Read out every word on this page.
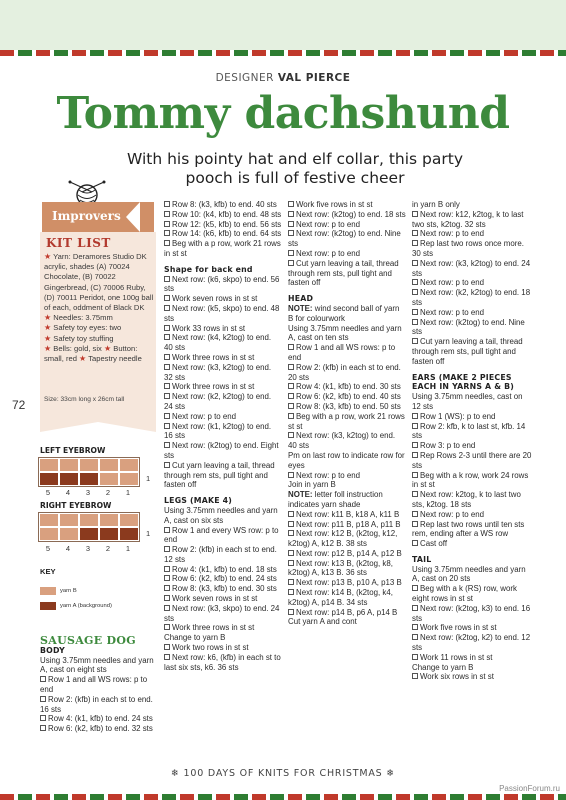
DESIGNER VAL PIERCE
Tommy dachshund
With his pointy hat and elf collar, this party pooch is full of festive cheer
Improvers
KIT LIST
★ Yarn: Deramores Studio DK acrylic, shades (A) 70024 Chocolate, (B) 70022 Gingerbread, (C) 70006 Ruby, (D) 70011 Peridot, one 100g ball of each, oddment of Black DK
★ Needles: 3.75mm
★ Safety toy eyes: two
★ Safety toy stuffing
★ Bells: gold, six ★ Button: small, red ★ Tapestry needle
Size: 33cm long x 26cm tall
72
LEFT EYEBROW
1
5	4	3	2	1
RIGHT EYEBROW
1
5	4	3	2	1
KEY
yarn B
yarn A (background)
SAUSAGE DOG
BODY
Using 3.75mm needles and yarn A, cast on eight sts
Row 1 and all WS rows: p to end
Row 2: (kfb) in each st to end. 16 sts
Row 4: (k1, kfb) to end. 24 sts
Row 6: (k2, kfb) to end. 32 sts
Row 8: (k3, kfb) to end. 40 sts
Row 10: (k4, kfb) to end. 48 sts
Row 12: (k5, kfb) to end. 56 sts
Row 14: (k6, kfb) to end. 64 sts
Beg with a p row, work 21 rows in st st
Shape for back end
Next row: (k6, skpo) to end. 56 sts
Work seven rows in st st
Next row: (k5, skpo) to end. 48 sts
Work 33 rows in st st
Next row: (k4, k2tog) to end. 40 sts
Work three rows in st st
Next row: (k3, k2tog) to end. 32 sts
Work three rows in st st
Next row: (k2, k2tog) to end. 24 sts
Next row: p to end
Next row: (k1, k2tog) to end. 16 sts
Next row: (k2tog) to end. Eight sts
Cut yarn leaving a tail, thread through rem sts, pull tight and fasten off
LEGS (MAKE 4)
Using 3.75mm needles and yarn A, cast on six sts
Row 1 and every WS row: p to end
Row 2: (kfb) in each st to end. 12 sts
Row 4: (k1, kfb) to end. 18 sts
Row 6: (k2, kfb) to end. 24 sts
Row 8: (k3, kfb) to end. 30 sts
Work seven rows in st st
Next row: (k3, skpo) to end. 24 sts
Work three rows in st st
Change to yarn B
Work two rows in st st
Next row: k6, (kfb) in each st to last six sts, k6. 36 sts
Work five rows in st st
Next row: (k2tog) to end. 18 sts
Next row: p to end
Next row: (k2tog) to end. Nine sts
Next row: p to end
Cut yarn leaving a tail, thread through rem sts, pull tight and fasten off
HEAD
NOTE: wind second ball of yarn B for colourwork
Using 3.75mm needles and yarn A, cast on ten sts
Row 1 and all WS rows: p to end
Row 2: (kfb) in each st to end. 20 sts
Row 4: (k1, kfb) to end. 30 sts
Row 6: (k2, kfb) to end. 40 sts
Row 8: (k3, kfb) to end. 50 sts
Beg with a p row, work 21 rows st st
Next row: (k3, k2tog) to end. 40 sts
Pm on last row to indicate row for eyes
Next row: p to end
Join in yarn B
NOTE: letter foll instruction indicates yarn shade
Next row: k11 B, k18 A, k11 B
Next row: p11 B, p18 A, p11 B
Next row: k12 B, (k2tog, k12, k2tog) A, k12 B. 38 sts
Next row: p12 B, p14 A, p12 B
Next row: k13 B, (k2tog, k8, k2tog) A, k13 B. 36 sts
Next row: p13 B, p10 A, p13 B
Next row: k14 B, (k2tog, k4, k2tog) A, p14 B. 34 sts
Next row: p14 B, p6 A, p14 B
Cut yarn A and cont
in yarn B only
Next row: k12, k2tog, k to last two sts, k2tog. 32 sts
Next row: p to end
Rep last two rows once more. 30 sts
Next row: (k3, k2tog) to end. 24 sts
Next row: p to end
Next row: (k2, k2tog) to end. 18 sts
Next row: p to end
Next row: (k2tog) to end. Nine sts
Cut yarn leaving a tail, thread through rem sts, pull tight and fasten off
EARS (MAKE 2 PIECES EACH IN YARNS A & B)
Using 3.75mm needles, cast on 12 sts
Row 1 (WS): p to end
Row 2: kfb, k to last st, kfb. 14 sts
Row 3: p to end
Rep Rows 2-3 until there are 20 sts
Beg with a k row, work 24 rows in st st
Next row: k2tog, k to last two sts, k2tog. 18 sts
Next row: p to end
Rep last two rows until ten sts rem, ending after a WS row
Cast off
TAIL
Using 3.75mm needles and yarn A, cast on 20 sts
Beg with a k (RS) row, work eight rows in st st
Next row: (k2tog, k3) to end. 16 sts
Work five rows in st st
Next row: (k2tog, k2) to end. 12 sts
Work 11 rows in st st
Change to yarn B
Work six rows in st st
❄ 100 DAYS OF KNITS FOR CHRISTMAS ❄
PassionForum.ru
